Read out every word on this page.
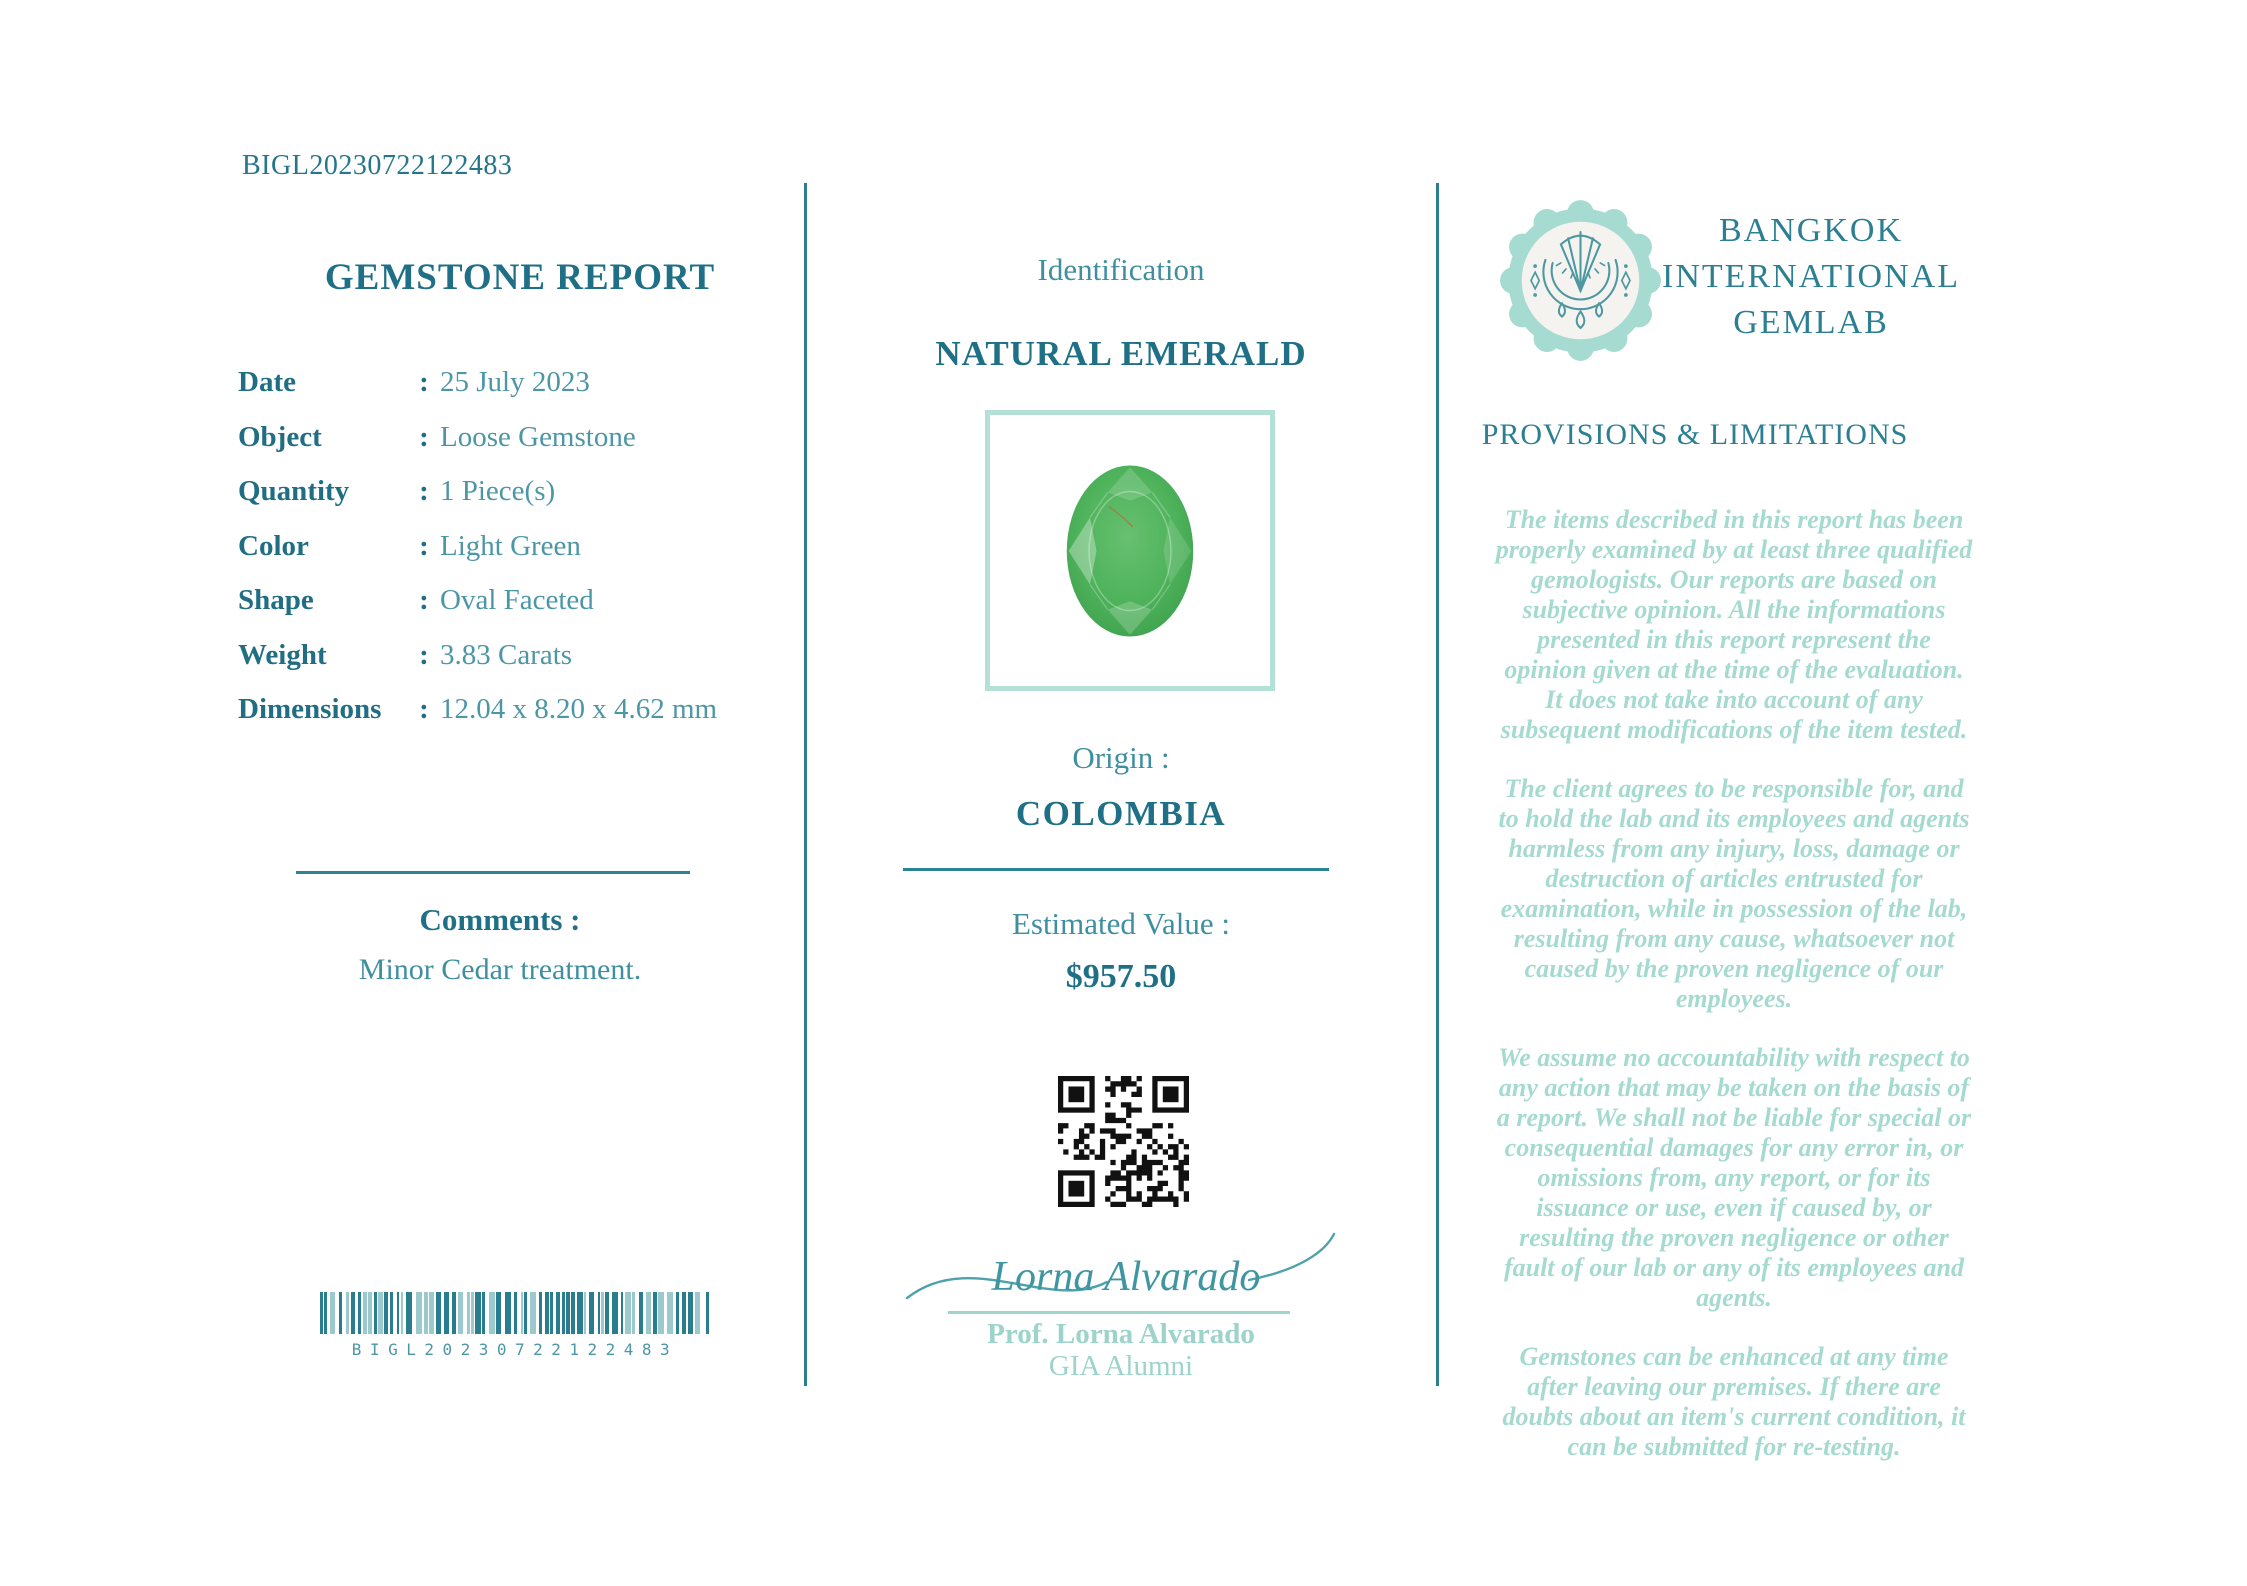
BIGL20230722122483
GEMSTONE REPORT
Date	: 25 July 2023
Object	: Loose Gemstone
Quantity	: 1 Piece(s)
Color	: Light Green
Shape	: Oval Faceted
Weight	: 3.83 Carats
Dimensions	: 12.04 x 8.20 x 4.62 mm
Comments :
Minor Cedar treatment.
BIGL20230722122483
Identification
NATURAL EMERALD
Origin :
COLOMBIA
Estimated Value :
$957.50
Lorna Alvarado
Prof. Lorna Alvarado
GIA Alumni
BANGKOK
INTERNATIONAL
GEMLAB
PROVISIONS & LIMITATIONS

The items described in this report has been properly examined by at least three qualified gemologists. Our reports are based on subjective opinion. All the informations presented in this report represent the opinion given at the time of the evaluation. It does not take into account of any subsequent modifications of the item tested.

The client agrees to be responsible for, and to hold the lab and its employees and agents harmless from any injury, loss, damage or destruction of articles entrusted for examination, while in possession of the lab, resulting from any cause, whatsoever not caused by the proven negligence of our employees.

We assume no accountability with respect to any action that may be taken on the basis of a report. We shall not be liable for special or consequential damages for any error in, or omissions from, any report, or for its issuance or use, even if caused by, or resulting the proven negligence or other fault of our lab or any of its employees and agents.

Gemstones can be enhanced at any time after leaving our premises. If there are doubts about an item's current condition, it can be submitted for re-testing.
